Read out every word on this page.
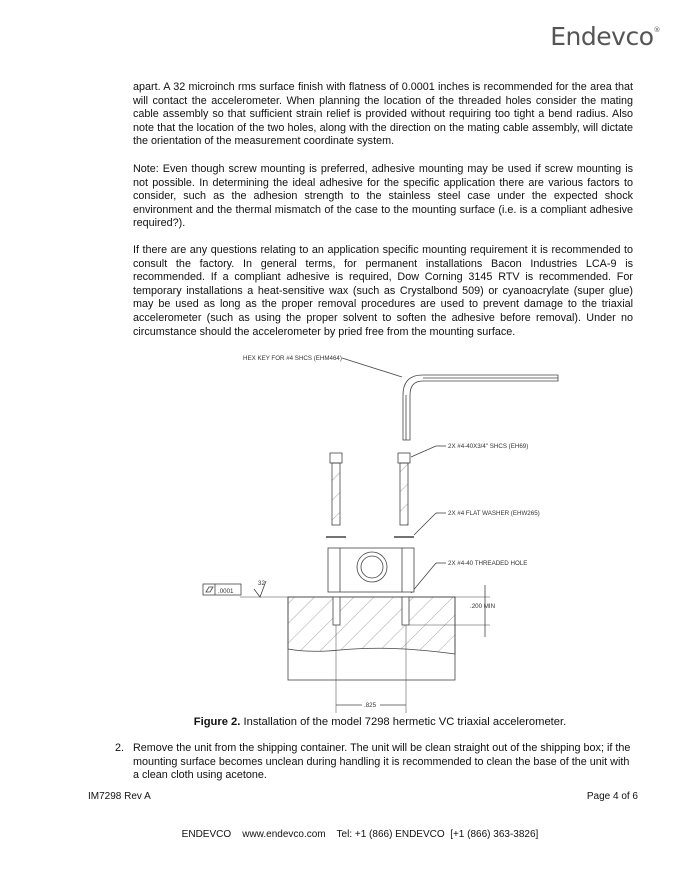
Endevco®

apart. A 32 microinch rms surface finish with flatness of 0.0001 inches is recommended for the area that will contact the accelerometer. When planning the location of the threaded holes consider the mating cable assembly so that sufficient strain relief is provided without requiring too tight a bend radius. Also note that the location of the two holes, along with the direction on the mating cable assembly, will dictate the orientation of the measurement coordinate system.

Note: Even though screw mounting is preferred, adhesive mounting may be used if screw mounting is not possible. In determining the ideal adhesive for the specific application there are various factors to consider, such as the adhesion strength to the stainless steel case under the expected shock environment and the thermal mismatch of the case to the mounting surface (i.e. is a compliant adhesive required?).

If there are any questions relating to an application specific mounting requirement it is recommended to consult the factory. In general terms, for permanent installations Bacon Industries LCA-9 is recommended. If a compliant adhesive is required, Dow Corning 3145 RTV is recommended. For temporary installations a heat-sensitive wax (such as Crystalbond 509) or cyanoacrylate (super glue) may be used as long as the proper removal procedures are used to prevent damage to the triaxial accelerometer (such as using the proper solvent to soften the adhesive before removal). Under no circumstance should the accelerometer by pried free from the mounting surface.

HEX KEY FOR #4 SHCS (EHM464)
2X #4-40X3/4" SHCS (EH69)
2X #4 FLAT WASHER (EHW265)
2X #4-40 THREADED HOLE
.0001
32
.200 MIN
.825
Figure 2. Installation of the model 7298 hermetic VC triaxial accelerometer.
2. Remove the unit from the shipping container. The unit will be clean straight out of the shipping box; if the mounting surface becomes unclean during handling it is recommended to clean the base of the unit with a clean cloth using acetone.
IM7298 Rev A	Page 4 of 6
ENDEVCO    www.endevco.com    Tel: +1 (866) ENDEVCO  [+1 (866) 363-3826]
